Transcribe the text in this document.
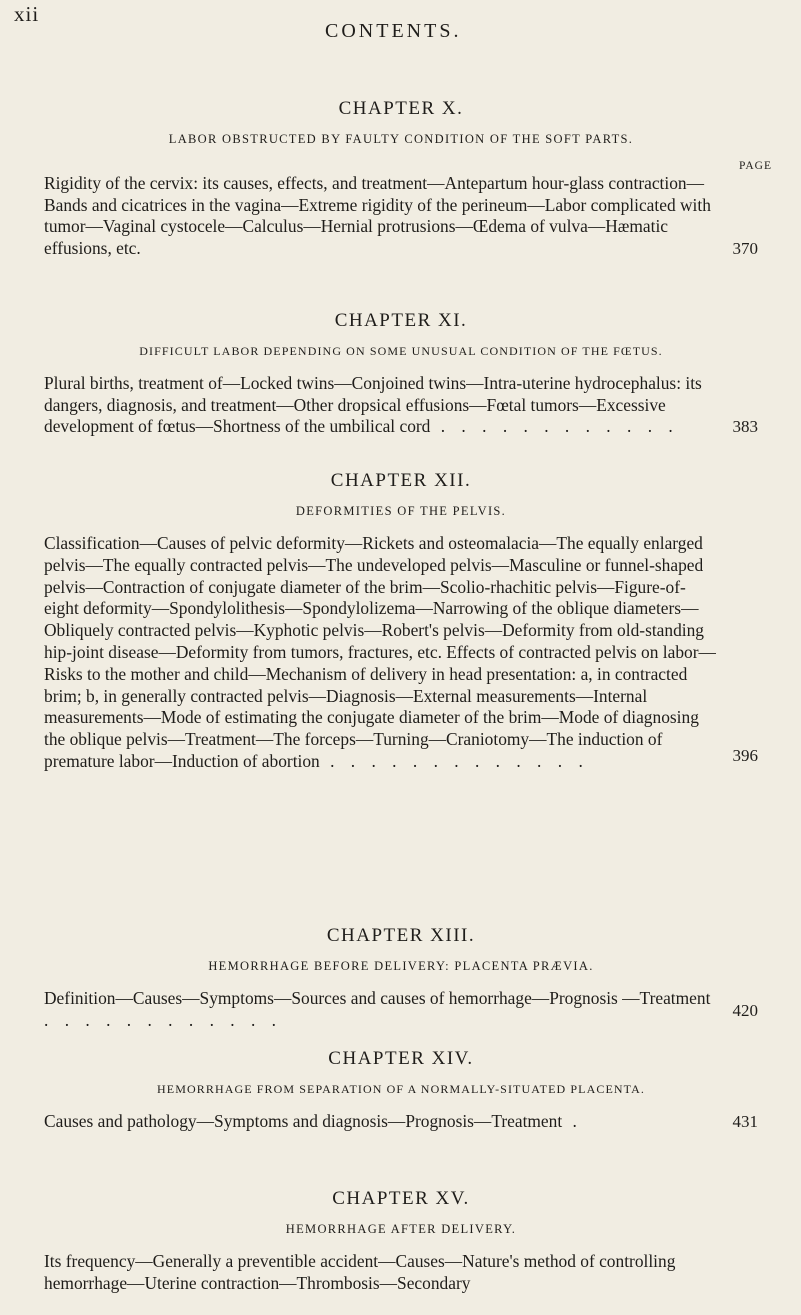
xii
CONTENTS.
CHAPTER X.
LABOR OBSTRUCTED BY FAULTY CONDITION OF THE SOFT PARTS.
PAGE
Rigidity of the cervix: its causes, effects, and treatment—Antepartum hour-glass contraction—Bands and cicatrices in the vagina—Extreme rigidity of the perineum—Labor complicated with tumor—Vaginal cystocele—Calculus—Hernial protrusions—Œdema of vulva—Hæmatic effusions, etc.	370
CHAPTER XI.
DIFFICULT LABOR DEPENDING ON SOME UNUSUAL CONDITION OF THE FŒTUS.
Plural births, treatment of—Locked twins—Conjoined twins—Intra-uterine hydrocephalus: its dangers, diagnosis, and treatment—Other dropsical effusions—Fœtal tumors—Excessive development of fœtus—Shortness of the umbilical cord . . . . . . . . . . . .	383
CHAPTER XII.
DEFORMITIES OF THE PELVIS.
Classification—Causes of pelvic deformity—Rickets and osteomalacia—The equally enlarged pelvis—The equally contracted pelvis—The undeveloped pelvis—Masculine or funnel-shaped pelvis—Contraction of conjugate diameter of the brim—Scolio-rhachitic pelvis—Figure-of-eight deformity—Spondylolithesis—Spondylolizema—Narrowing of the oblique diameters—Obliquely contracted pelvis—Kyphotic pelvis—Robert's pelvis—Deformity from old-standing hip-joint disease—Deformity from tumors, fractures, etc. Effects of contracted pelvis on labor—Risks to the mother and child—Mechanism of delivery in head presentation: a, in contracted brim; b, in generally contracted pelvis—Diagnosis—External measurements—Internal measurements—Mode of estimating the conjugate diameter of the brim—Mode of diagnosing the oblique pelvis—Treatment—The forceps—Turning—Craniotomy—The induction of premature labor—Induction of abortion . . . . . . . . . . . . .	396
CHAPTER XIII.
HEMORRHAGE BEFORE DELIVERY: PLACENTA PRÆVIA.
Definition—Causes—Symptoms—Sources and causes of hemorrhage—Prognosis —Treatment . . . . . . . . . . . .	420
CHAPTER XIV.
HEMORRHAGE FROM SEPARATION OF A NORMALLY-SITUATED PLACENTA.
Causes and pathology—Symptoms and diagnosis—Prognosis—Treatment .	431
CHAPTER XV.
HEMORRHAGE AFTER DELIVERY.
Its frequency—Generally a preventible accident—Causes—Nature's method of controlling hemorrhage—Uterine contraction—Thrombosis—Secondary
